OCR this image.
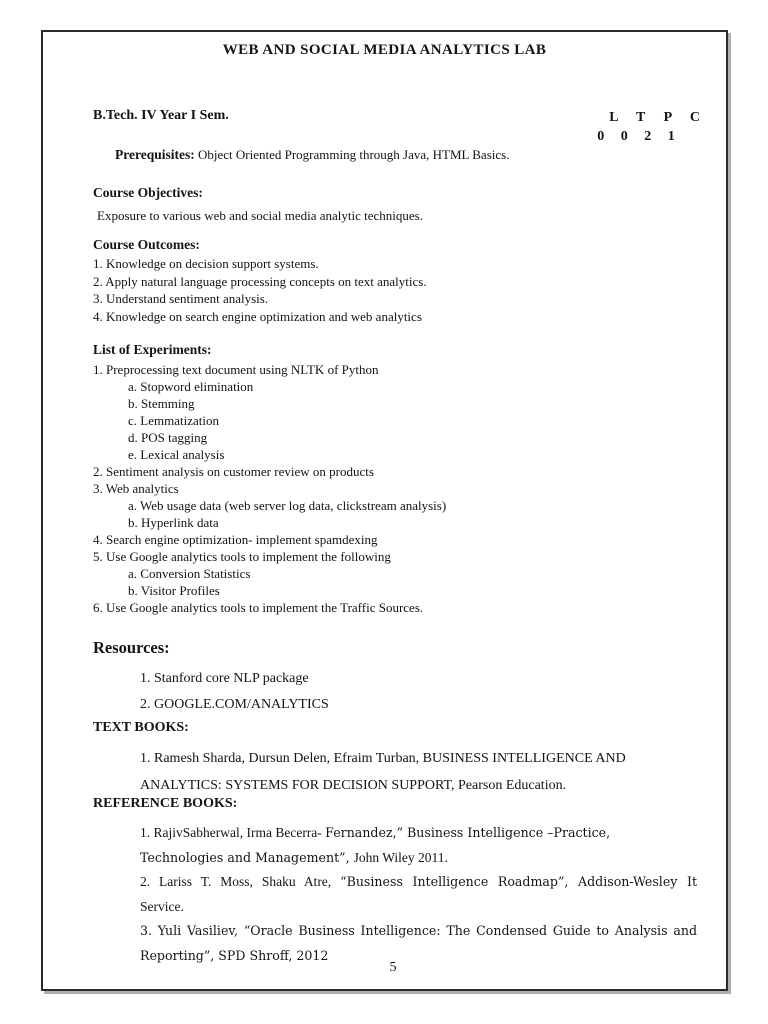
WEB AND SOCIAL MEDIA ANALYTICS LAB
B.Tech. IV Year I Sem.	L T P C
0 0 2 1
Prerequisites: Object Oriented Programming through Java, HTML Basics.
Course Objectives:
Exposure to various web and social media analytic techniques.
Course Outcomes:
1. Knowledge on decision support systems.
2. Apply natural language processing concepts on text analytics.
3. Understand sentiment analysis.
4. Knowledge on search engine optimization and web analytics
List of Experiments:
1. Preprocessing text document using NLTK of Python
a. Stopword elimination
b. Stemming
c. Lemmatization
d. POS tagging
e. Lexical analysis
2. Sentiment analysis on customer review on products
3. Web analytics
a. Web usage data (web server log data, clickstream analysis)
b. Hyperlink data
4. Search engine optimization- implement spamdexing
5. Use Google analytics tools to implement the following
a. Conversion Statistics
b. Visitor Profiles
6. Use Google analytics tools to implement the Traffic Sources.
Resources:
1. Stanford core NLP package
2. GOOGLE.COM/ANALYTICS
TEXT BOOKS:
1. Ramesh Sharda, Dursun Delen, Efraim Turban, BUSINESS INTELLIGENCE AND
ANALYTICS: SYSTEMS FOR DECISION SUPPORT, Pearson Education.
REFERENCE BOOKS:
1. RajivSabherwal, Irma Becerra- Fernandez,” Business Intelligence –Practice,
Technologies and Management”, John Wiley 2011.
2. Lariss T. Moss, Shaku Atre, “Business Intelligence Roadmap”, Addison-Wesley It
Service.
3. Yuli Vasiliev, “Oracle Business Intelligence: The Condensed Guide to Analysis and
Reporting”, SPD Shroff, 2012
5
